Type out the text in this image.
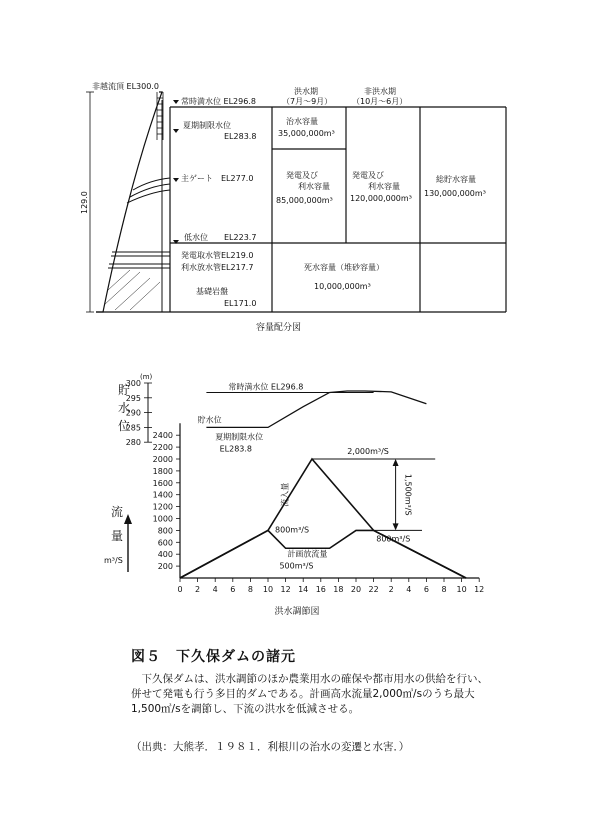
非越流頂 EL300.0
129.0
常時満水位 EL296.8
夏期制限水位
EL283.8
主ゲート　EL277.0
低水位　　EL223.7
発電取水管EL219.0
利水放水管EL217.7
基礎岩盤
EL171.0
洪水期
（7月～9月）
非洪水期
（10月～6月）
治水容量
35,000,000m³
発電及び
利水容量
85,000,000m³
発電及び
利水容量
120,000,000m³
総貯水容量
130,000,000m³
死水容量（堆砂容量）
10,000,000m³
容量配分図
2400
2200
2000
1800
1600
1400
1200
1000
800
600
400
200
300
295
290
285
280
(m)
0 2 4 6 8 10 12 14 16 18 20 22 2 4 6 8 10 12
貯
水
位
流
量
m³/S
常時満水位 EL296.8
貯水位
夏期制限水位
EL283.8	2,000m³/S
1,500m³/S
800m³/S
800m³/S
500m³/S
計画放流量
流入量
洪水調節図
図５　下久保ダムの諸元

下久保ダムは、洪水調節のほか農業用水の確保や都市用水の供給を行い、併せて発電も行う多目的ダムである。計画高水流量2,000㎥/sのうち最大1,500㎥/sを調節し、下流の洪水を低減させる。

（出典：大熊孝．１９８１．利根川の治水の変遷と水害．）
